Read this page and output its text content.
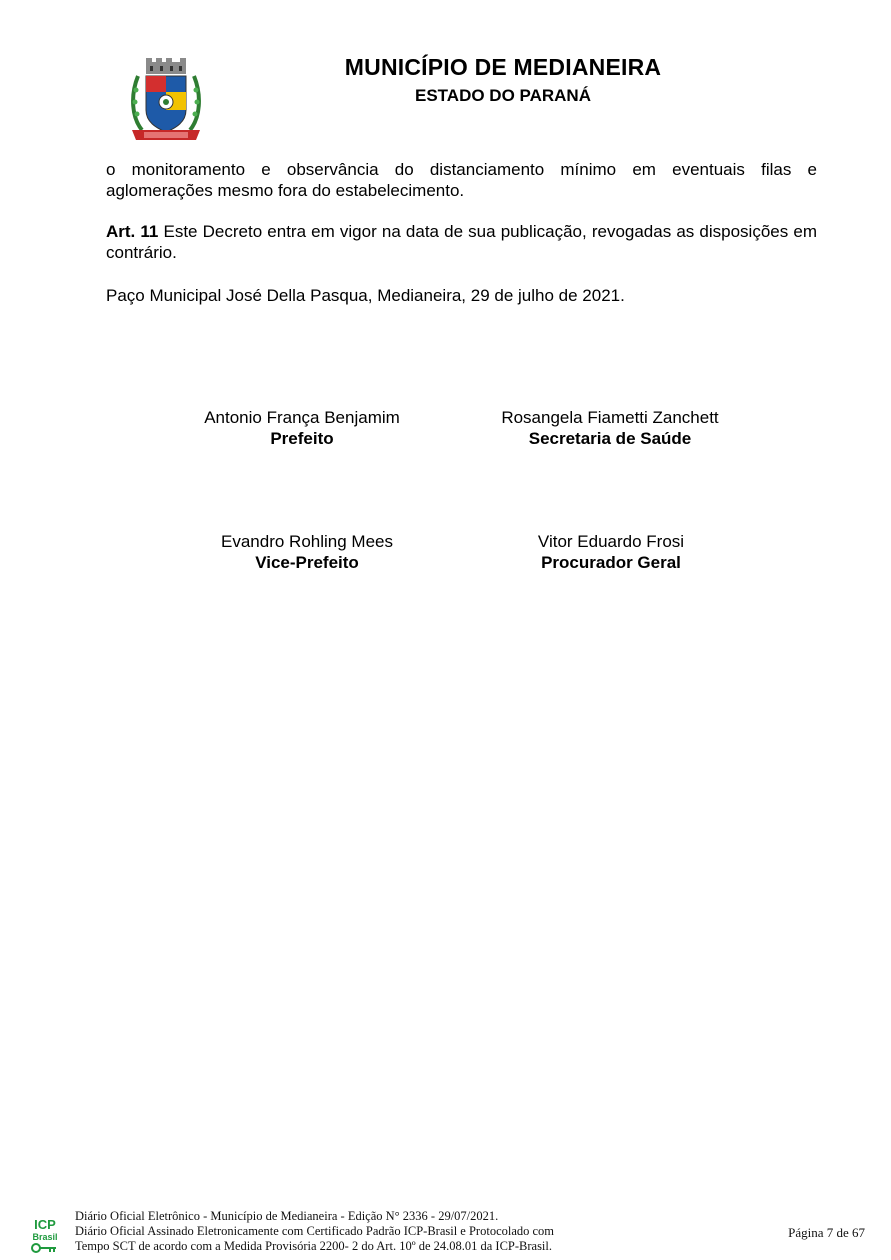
MUNICÍPIO DE MEDIANEIRA
ESTADO DO PARANÁ
o monitoramento e observância do distanciamento mínimo em eventuais filas e
aglomerações mesmo fora do estabelecimento.
Art. 11 Este Decreto entra em vigor na data de sua publicação, revogadas as disposições em contrário.
Paço Municipal José Della Pasqua, Medianeira, 29 de julho de 2021.
Antonio França Benjamim
Prefeito
Rosangela Fiametti Zanchett
Secretaria de Saúde
Evandro Rohling Mees
Vice-Prefeito
Vitor Eduardo Frosi
Procurador Geral
ICP
Brasil
Diário Oficial Eletrônico - Município de Medianeira - Edição N° 2336 - 29/07/2021.
Diário Oficial Assinado Eletronicamente com Certificado Padrão ICP-Brasil e Protocolado com
Tempo SCT de acordo com a Medida Provisória 2200- 2 do Art. 10º de 24.08.01 da ICP-Brasil.
Página 7 de 67
